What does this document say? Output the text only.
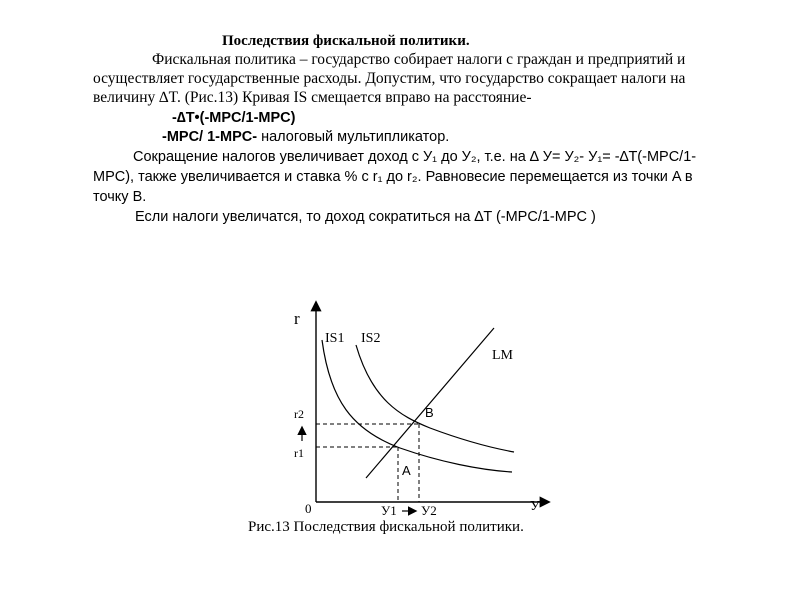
Последствия фискальной политики.
Фискальная политика – государство собирает налоги с граждан и предприятий и
осуществляет государственные расходы. Допустим, что государство сокращает налоги на
величину ∆T. (Рис.13) Кривая IS смещается вправо на расстояние-
-∆T•(-MPC/1-MPC)
-MPC/ 1-MPC- налоговый мультипликатор.
Сокращение налогов увеличивает доход с У₁ до У₂, т.е. на ∆ У= У₂- У₁= -∆T(-MPC/1-
MPC), также увеличивается и ставка % с r₁ до r₂. Равновесие перемещается из точки A в
точку B.
Если налоги увеличатся, то доход сократиться на ∆T (-MPC/1-MPC )
r
У
0
IS1 IS2
LM
B
A
r2
r1
У1 У2
Рис.13 Последствия фискальной политики.
